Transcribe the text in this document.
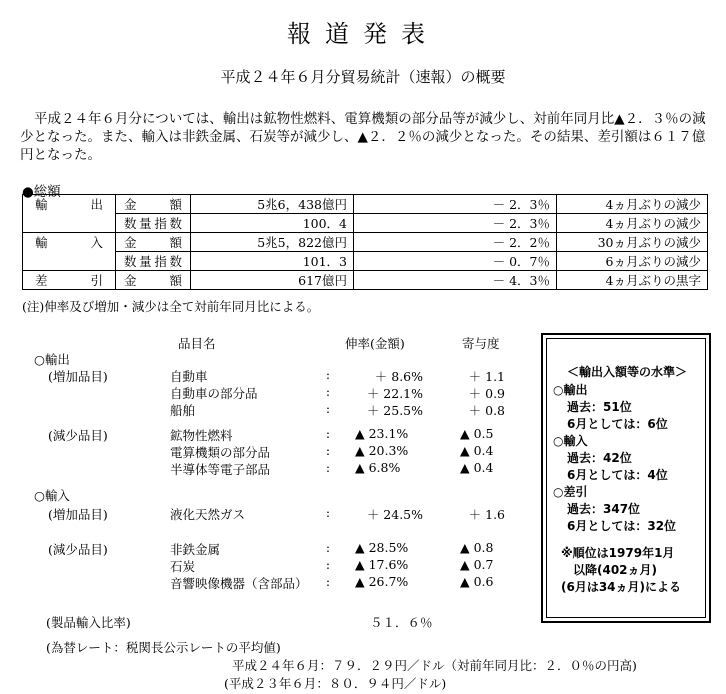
報道発表
平成２４年６月分貿易統計（速報）の概要
平成２４年６月分については、輸出は鉱物性燃料、電算機類の部分品等が減少し、対前年同月比▲２．３％の減少となった。また、輸入は非鉄金属、石炭等が減少し、▲２．２％の減少となった。その結果、差引額は６１７億円となった。
●総額
輸出	金額	5兆6，438億円	－ 2．3％	4ヵ月ぶりの減少
	数量指数	100．4	－ 2．3％	4ヵ月ぶりの減少
輸入	金額	5兆5，822億円	－ 2．2％	30ヵ月ぶりの減少
	数量指数	101．3	－ 0．7％	6ヵ月ぶりの減少
差引	金額	617億円	－ 4．3％	4ヵ月ぶりの黒字
(注)伸率及び増加・減少は全て対前年同月比による。
品目名	伸率(金額)	寄与度
○輸出
(増加品目)	自動車	:	＋ 8.6%	＋ 1.1
自動車の部分品	:	＋ 22.1%	＋ 0.9
船舶	:	＋ 25.5%	＋ 0.8
(減少品目)	鉱物性燃料	: ▲ 23.1%	▲ 0.5
電算機類の部分品	: ▲ 20.3%	▲ 0.4
半導体等電子部品	: ▲ 6.8%	▲ 0.4
○輸入
(増加品目)	液化天然ガス	:	＋ 24.5%	＋ 1.6
(減少品目)	非鉄金属	: ▲ 28.5%	▲ 0.8
石炭	: ▲ 17.6%	▲ 0.7
音響映像機器（含部品） : ▲ 26.7%	▲ 0.6
(製品輸入比率)	５１．６％
(為替レート：税関長公示レートの平均値)
平成２４年６月：７９．２９円／ドル（対前年同月比：２．０％の円高)
(平成２３年６月：８０．９４円／ドル)
＜輸出入額等の水準＞
○輸出
過去：51位
6月としては：6位
○輸入
過去：42位
6月としては：4位
○差引
過去：347位
6月としては：32位
※順位は1979年1月
以降(402ヵ月)
(6月は34ヵ月)による
